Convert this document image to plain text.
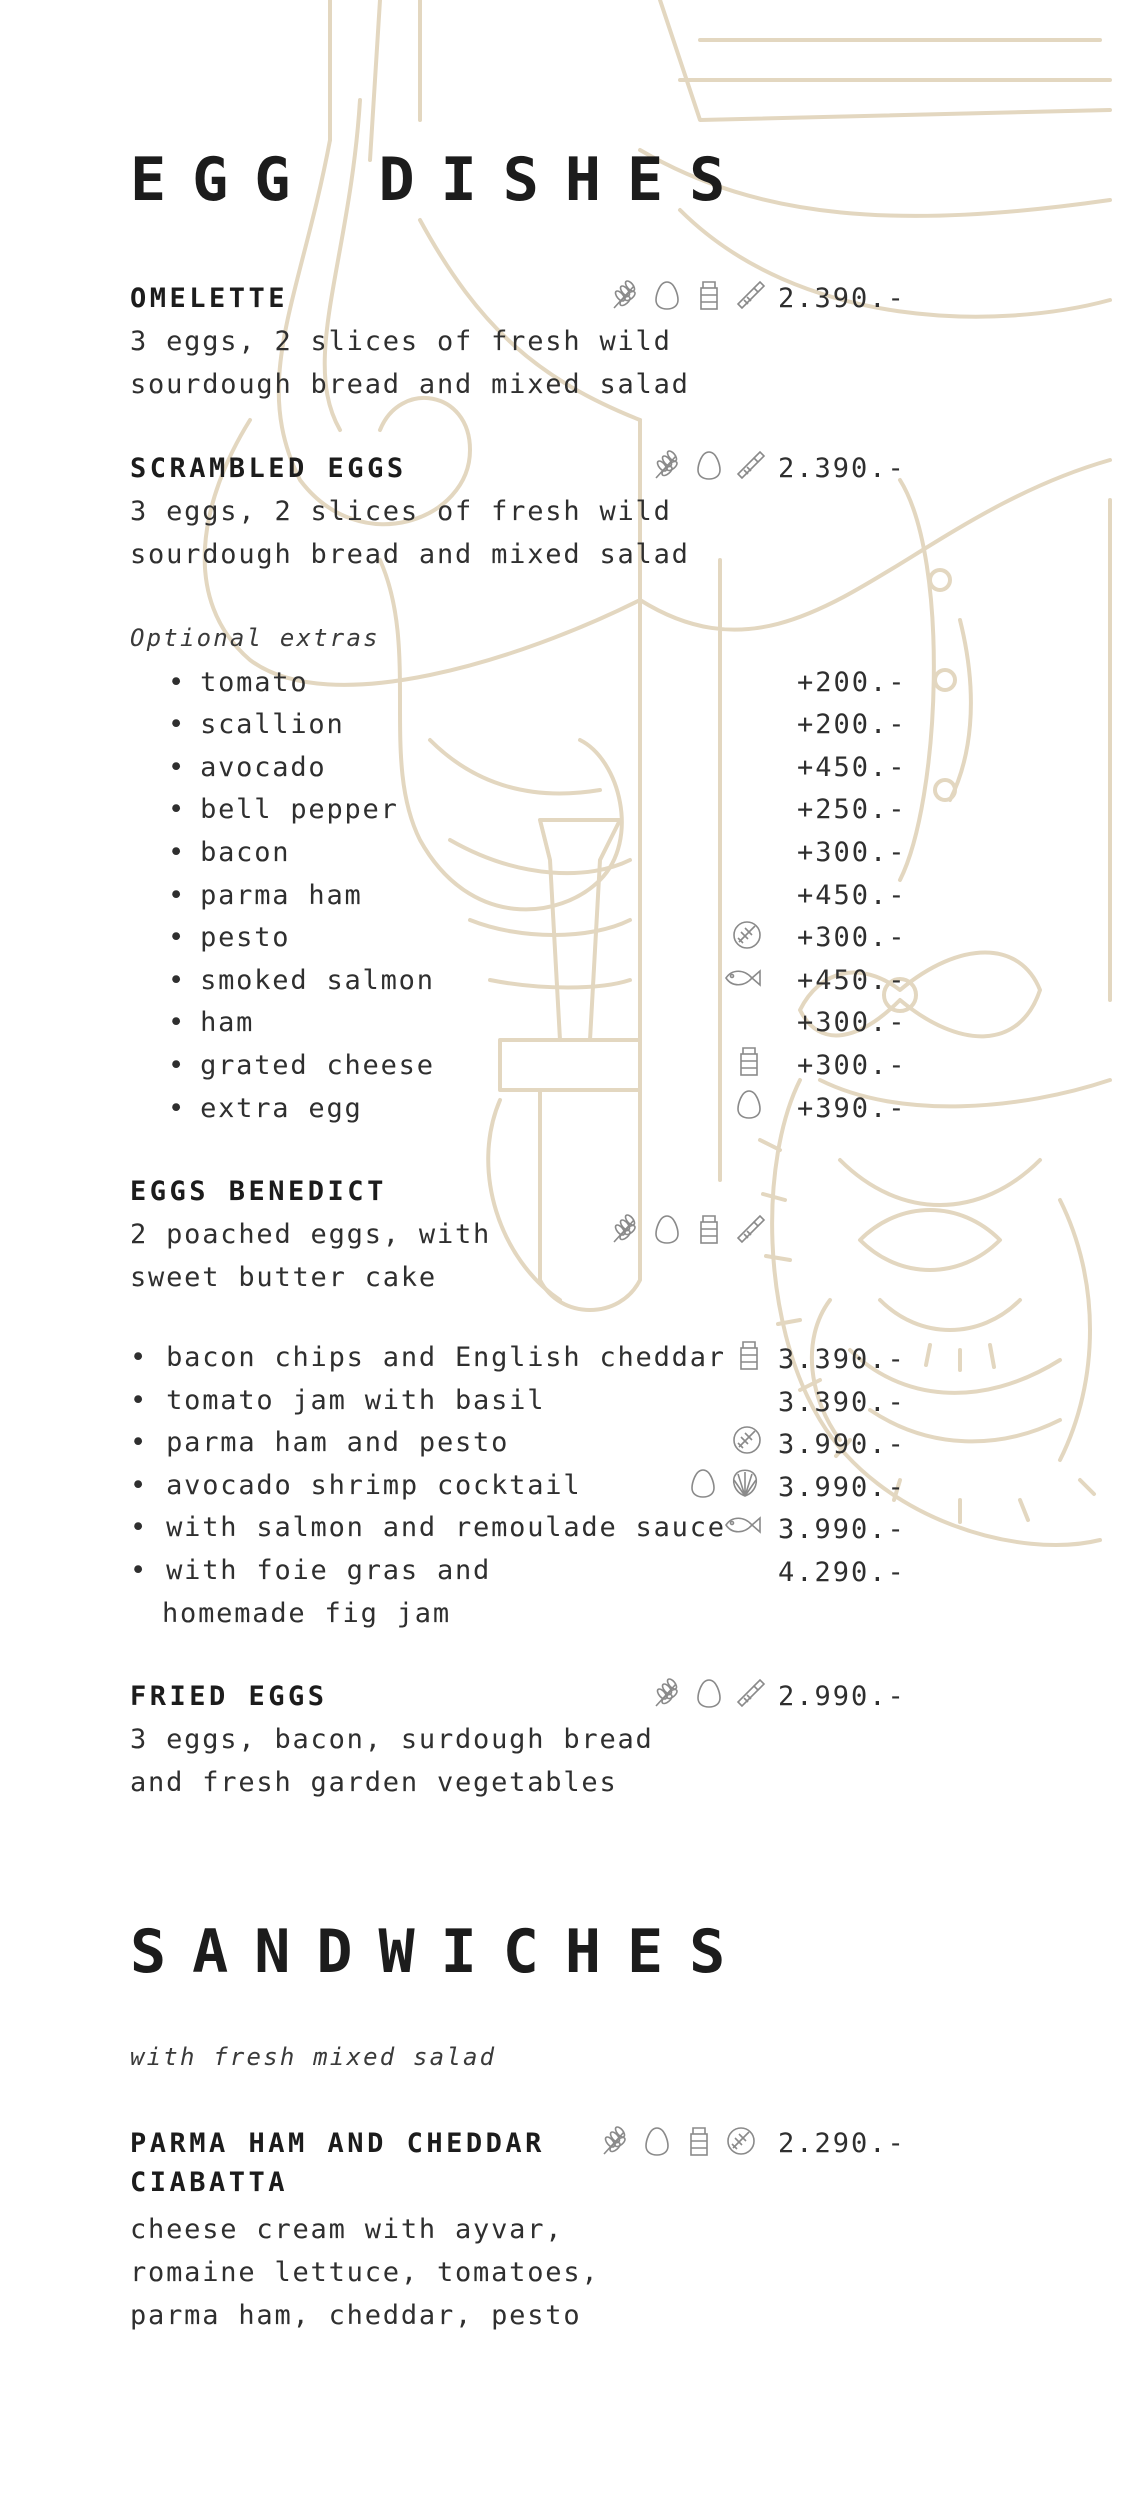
EGG DISHES
OMELETTE	2.390.-
3 eggs, 2 slices of fresh wild
sourdough bread and mixed salad
SCRAMBLED EGGS	2.390.-
3 eggs, 2 slices of fresh wild
sourdough bread and mixed salad
Optional extras
• tomato	+200.-
• scallion	+200.-
• avocado	+450.-
• bell pepper	+250.-
• bacon	+300.-
• parma ham	+450.-
• pesto	+300.-
• smoked salmon	+450.-
• ham	+300.-
• grated cheese	+300.-
• extra egg	+390.-
EGGS BENEDICT
2 poached eggs, with
sweet butter cake
• bacon chips and English cheddar 3.390.-
• tomato jam with basil	3.390.-
• parma ham and pesto	3.990.-
• avocado shrimp cocktail	3.990.-
• with salmon and remoulade sauce 3.990.-
• with foie gras and
homemade fig jam
4.290.-
FRIED EGGS	2.990.-
3 eggs, bacon, surdough bread
and fresh garden vegetables
SANDWICHES
with fresh mixed salad
PARMA HAM AND CHEDDAR
CIABATTA
2.290.-
cheese cream with ayvar,
romaine lettuce, tomatoes,
parma ham, cheddar, pesto
